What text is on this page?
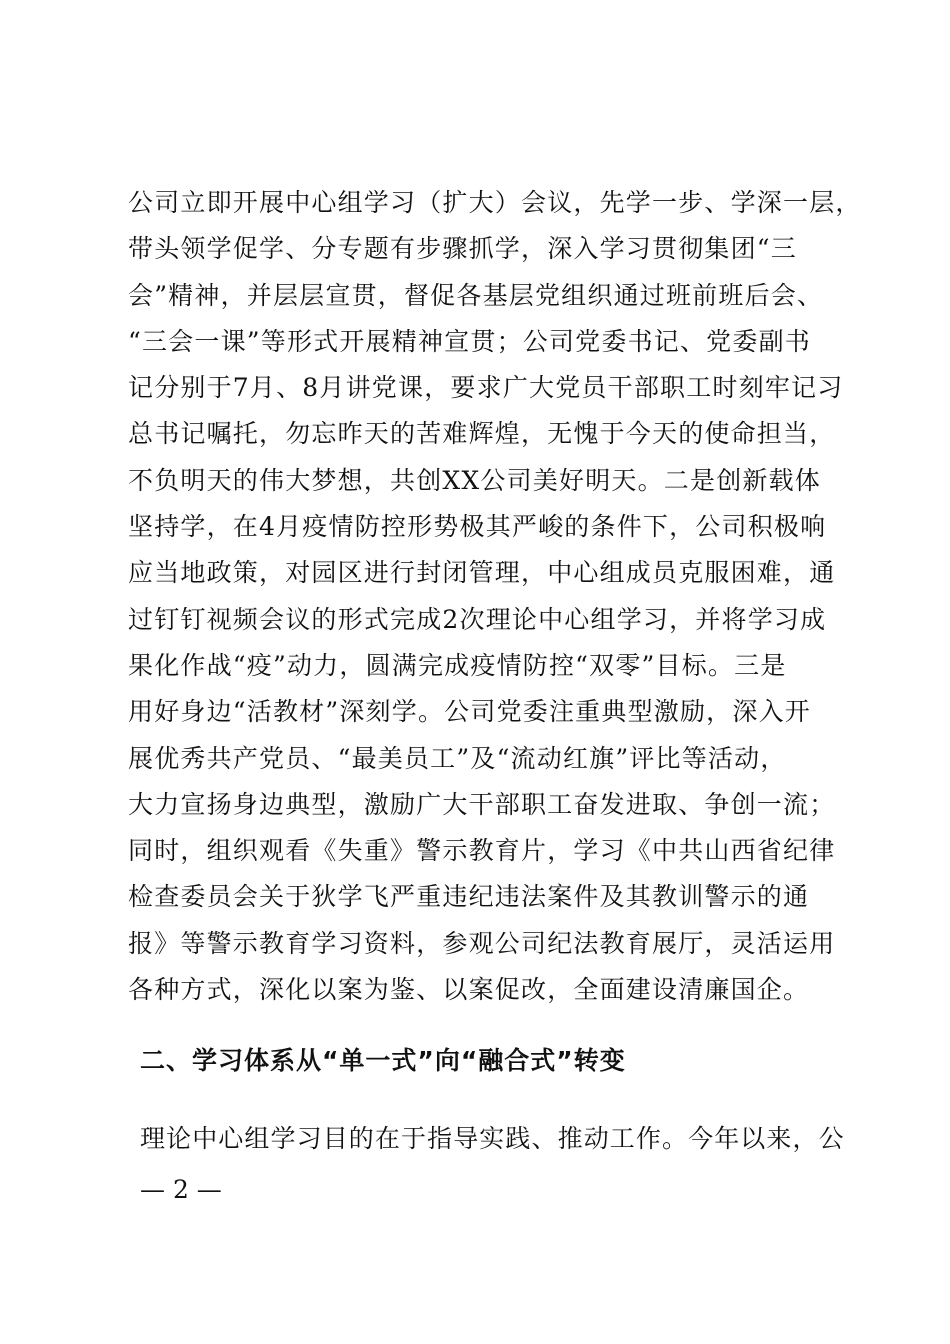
公司立即开展中心组学习（扩大）会议，先学一步、学深一层，
带头领学促学、分专题有步骤抓学，深入学习贯彻集团“三
会”精神，并层层宣贯，督促各基层党组织通过班前班后会、
“三会一课”等形式开展精神宣贯；公司党委书记、党委副书
记分别于7月、8月讲党课，要求广大党员干部职工时刻牢记习
总书记嘱托，勿忘昨天的苦难辉煌，无愧于今天的使命担当，
不负明天的伟大梦想，共创XX公司美好明天。二是创新载体
坚持学，在4月疫情防控形势极其严峻的条件下，公司积极响
应当地政策，对园区进行封闭管理，中心组成员克服困难，通
过钉钉视频会议的形式完成2次理论中心组学习，并将学习成
果化作战“疫”动力，圆满完成疫情防控“双零”目标。三是
用好身边“活教材”深刻学。公司党委注重典型激励，深入开
展优秀共产党员、“最美员工”及“流动红旗”评比等活动，
大力宣扬身边典型，激励广大干部职工奋发进取、争创一流；
同时，组织观看《失重》警示教育片，学习《中共山西省纪律
检查委员会关于狄学飞严重违纪违法案件及其教训警示的通
报》等警示教育学习资料，参观公司纪法教育展厅，灵活运用
各种方式，深化以案为鉴、以案促改，全面建设清廉国企。
二、学习体系从“单一式”向“融合式”转变
理论中心组学习目的在于指导实践、推动工作。今年以来，公
— 2 —
